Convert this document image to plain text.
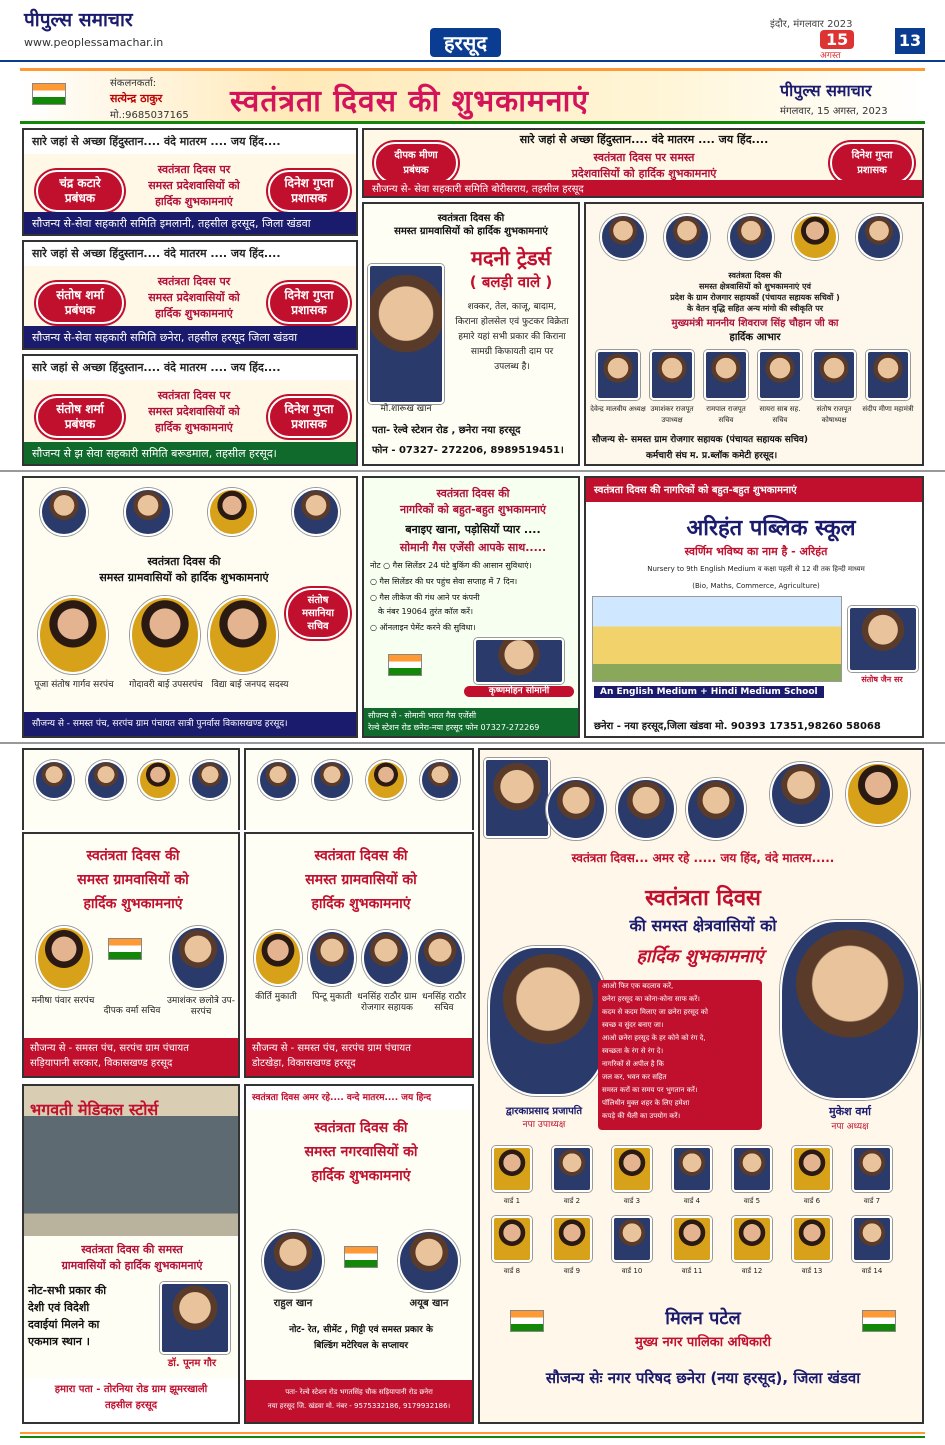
पीपुल्स समाचार
www.peoplessamachar.in	हरसूद
इंदौर, मंगलवार 2023
15
अगस्त
13
संकलनकर्ता:
सत्येन्द्र ठाकुर
मो.:9685037165 स्वतंत्रता दिवस की शुभकामनाएं	पीपुल्स समाचार
मंगलवार, 15 अगस्त, 2023
सारे जहां से अच्छा हिंदुस्तान.... वंदे मातरम .... जय हिंद....
चंद्र कटारे
प्रबंधक
स्वतंत्रता दिवस पर
समस्त प्रदेशवासियों को
हार्दिक शुभकामनाएं
दिनेश गुप्ता
प्रशासक
सौजन्य से-सेवा सहकारी समिति इमलानी, तहसील हरसूद, जिला खंडवा
सारे जहां से अच्छा हिंदुस्तान.... वंदे मातरम .... जय हिंद....
संतोष शर्मा
प्रबंधक
स्वतंत्रता दिवस पर
समस्त प्रदेशवासियों को
हार्दिक शुभकामनाएं
दिनेश गुप्ता
प्रशासक
सौजन्य से-सेवा सहकारी समिति छनेरा, तहसील हरसूद जिला खंडवा
सारे जहां से अच्छा हिंदुस्तान.... वंदे मातरम .... जय हिंद....
संतोष शर्मा
प्रबंधक
स्वतंत्रता दिवस पर
समस्त प्रदेशवासियों को
हार्दिक शुभकामनाएं
दिनेश गुप्ता
प्रशासक
सौजन्य से झ सेवा सहकारी समिति बरूडमाल, तहसील हरसूद।
दीपक मीणा
प्रबंधक
सारे जहां से अच्छा हिंदुस्तान.... वंदे मातरम .... जय हिंद....
स्वतंत्रता दिवस पर समस्त
प्रदेशवासियों को हार्दिक शुभकामनाएं
दिनेश गुप्ता
प्रशासक
सौजन्य से- सेवा सहकारी समिति बोरीसराय, तहसील हरसूद
स्वतंत्रता दिवस की
समस्त ग्रामवासियों को हार्दिक शुभकामनाएं
मदनी ट्रेडर्स
( बलड़ी वाले )
मो.शारूख खान
शक्कर, तेल, काजू, बादाम,
किराना होलसेल एवं फुटकर विक्रेता
हमारे यहां सभी प्रकार की किराना
सामग्री किफायती दाम पर
उपलब्ध है।
पता- रेल्वे स्टेशन रोड , छनेरा नया हरसूद
फोन - 07327- 272206, 8989519451।
स्वतंत्रता दिवस की
समस्त क्षेत्रवासियों को शुभकामनाएं एवं
प्रदेश के ग्राम रोजगार सहायकों (पंचायत सहायक सचिवों )
के वेतन वृद्धि सहित अन्य मांगो की स्वीकृति पर
मुख्यमंत्री माननीय शिवराज सिंह चौहान जी का
हार्दिक आभार
देवेन्द्र मालवीय अध्यक्ष उमाशंकर राजपूत उपाध्यक्ष
रामपाल राजपूत सचिव
सायरा साब सह. सचिव
संतोष राजपूत कोषाध्यक्ष
संदीप मीणा महामंत्री
सौजन्य से- समस्त ग्राम रोजगार सहायक (पंचायत सहायक सचिव)
कर्मचारी संघ म. प्र.ब्लॉक कमेटी हरसूद।
स्वतंत्रता दिवस की
समस्त ग्रामवासियों को हार्दिक शुभकामनाएं
संतोष
मसानिया
सचिव
पूजा संतोष गार्गव सरपंच	गोदावरी बाई उपसरपंच विद्या बाई जनपद सदस्य
सौजन्य से - समस्त पंच, सरपंच ग्राम पंचायत सात्री पुनर्वास विकासखण्ड हरसूद।
स्वतंत्रता दिवस की
नागरिकों को बहुत-बहुत शुभकामनाएं
बनाइए खाना, पड़ोसियों प्यार ....
सोमानी गैस एजेंसी आपके साथ.....
नोट ○ गैस सिलेंडर 24 घंटे बुकिंग की आसान सुविधाएं।
○ गैस सिलेंडर की घर पहुंच सेवा सप्ताह में 7 दिन।
○ गैस लीकेज की गंध आने पर कंपनी
के नंबर 19064 तुरंत कॉल करें।
○ ऑनलाइन पेमेंट करने की सुविधा।
कृष्णमोहन सोमानी
सौजन्य से - सोमानी भारत गैस एजेंसी
रेल्वे स्टेशन रोड छनेरा-नया हरसूद फोन 07327-272269
स्वतंत्रता दिवस की नागरिकों को बहुत-बहुत शुभकामनाएं
अरिहंत पब्लिक स्कूल
स्वर्णिम भविष्य का नाम है - अरिहंत
Nursery to 9th English Medium व कक्षा पहली से 12 वी तक हिन्दी माध्यम
(Bio, Maths, Commerce, Agriculture)
संतोष जैन सर
An English Medium + Hindi Medium School
छनेरा - नया हरसूद,जिला खंडवा मो. 90393 17351,98260 58068
स्वतंत्रता दिवस की
समस्त ग्रामवासियों को
हार्दिक शुभकामनाएं
मनीषा पंवार सरपंच
दीपक वर्मा सचिव
उमाशंकर छलोत्रे उप-सरपंच
सौजन्य से - समस्त पंच, सरपंच ग्राम पंचायत
सड़ियापानी सरकार, विकासखण्ड हरसूद
स्वतंत्रता दिवस की
समस्त ग्रामवासियों को
हार्दिक शुभकामनाएं
कीर्ति मुकाती	पिन्टू मुकाती धनसिंह राठौर ग्राम रोजगार सहायक
धनसिंह राठौर सचिव
सौजन्य से - समस्त पंच, सरपंच ग्राम पंचायत
डोटखेड़ा, विकासखण्ड हरसूद
स्वतंत्रता दिवस... अमर रहे ..... जय हिंद, वंदे मातरम.....
स्वतंत्रता दिवस
की समस्त क्षेत्रवासियों को
हार्दिक शुभकामनाएं
आओ फिर एक बदलाव करें,
छनेरा हरसूद का कोना-कोना साफ करें।
कदम से कदम मिलाए जा छनेरा हरसूद को
स्वच्छ व सुंदर बनाए जा।
आओ छनेरा हरसूद के हर कोने को रंग दे,
स्वच्छता के रंग से रंग दे।
नागरिकों से अपील है कि
जल कर, भवन कर सहित
समस्त करों का समय पर भुगतान करें।
पॉलिथीन मुक्त शहर के लिए हमेशा
कपड़े की थैली का उपयोग करें।
द्वारकाप्रसाद प्रजापति
नपा उपाध्यक्ष
मुकेश वर्मा
नपा अध्यक्ष
वार्ड 1	वार्ड 2	वार्ड 3	वार्ड 4	वार्ड 5	वार्ड 6	वार्ड 7
वार्ड 8	वार्ड 9	वार्ड 10	वार्ड 11	वार्ड 12	वार्ड 13	वार्ड 14
मिलन पटेल
मुख्य नगर पालिका अधिकारी
सौजन्य सेः नगर परिषद छनेरा (नया हरसूद), जिला खंडवा
भगवती मेडिकल स्टोर्स
स्वतंत्रता दिवस की समस्त
ग्रामवासियों को हार्दिक शुभकामनाएं
नोट-सभी प्रकार की
देशी एवं विदेशी
दवाईयां मिलने का
एकमात्र स्थान ।
डॉ. पूनम गौर
हमारा पता - तोरनिया रोड ग्राम झूमरखाली
तहसील हरसूद
स्वतंत्रता दिवस अमर रहे.... वन्दे मातरम.... जय हिन्द
स्वतंत्रता दिवस की
समस्त नगरवासियों को
हार्दिक शुभकामनाएं
राहुल खान	अयूब खान
नोट- रेत, सीमेंट , गिट्टी एवं समस्त प्रकार के
बिल्डिंग मटेरियल के सप्लायर
पता- रेल्वे स्टेशन रोड भगतसिंह चौक सड़ियापानी रोड छनेरा
नया हरसूद जि. खंडवा मो. नंबर - 9575332186, 9179932186।
